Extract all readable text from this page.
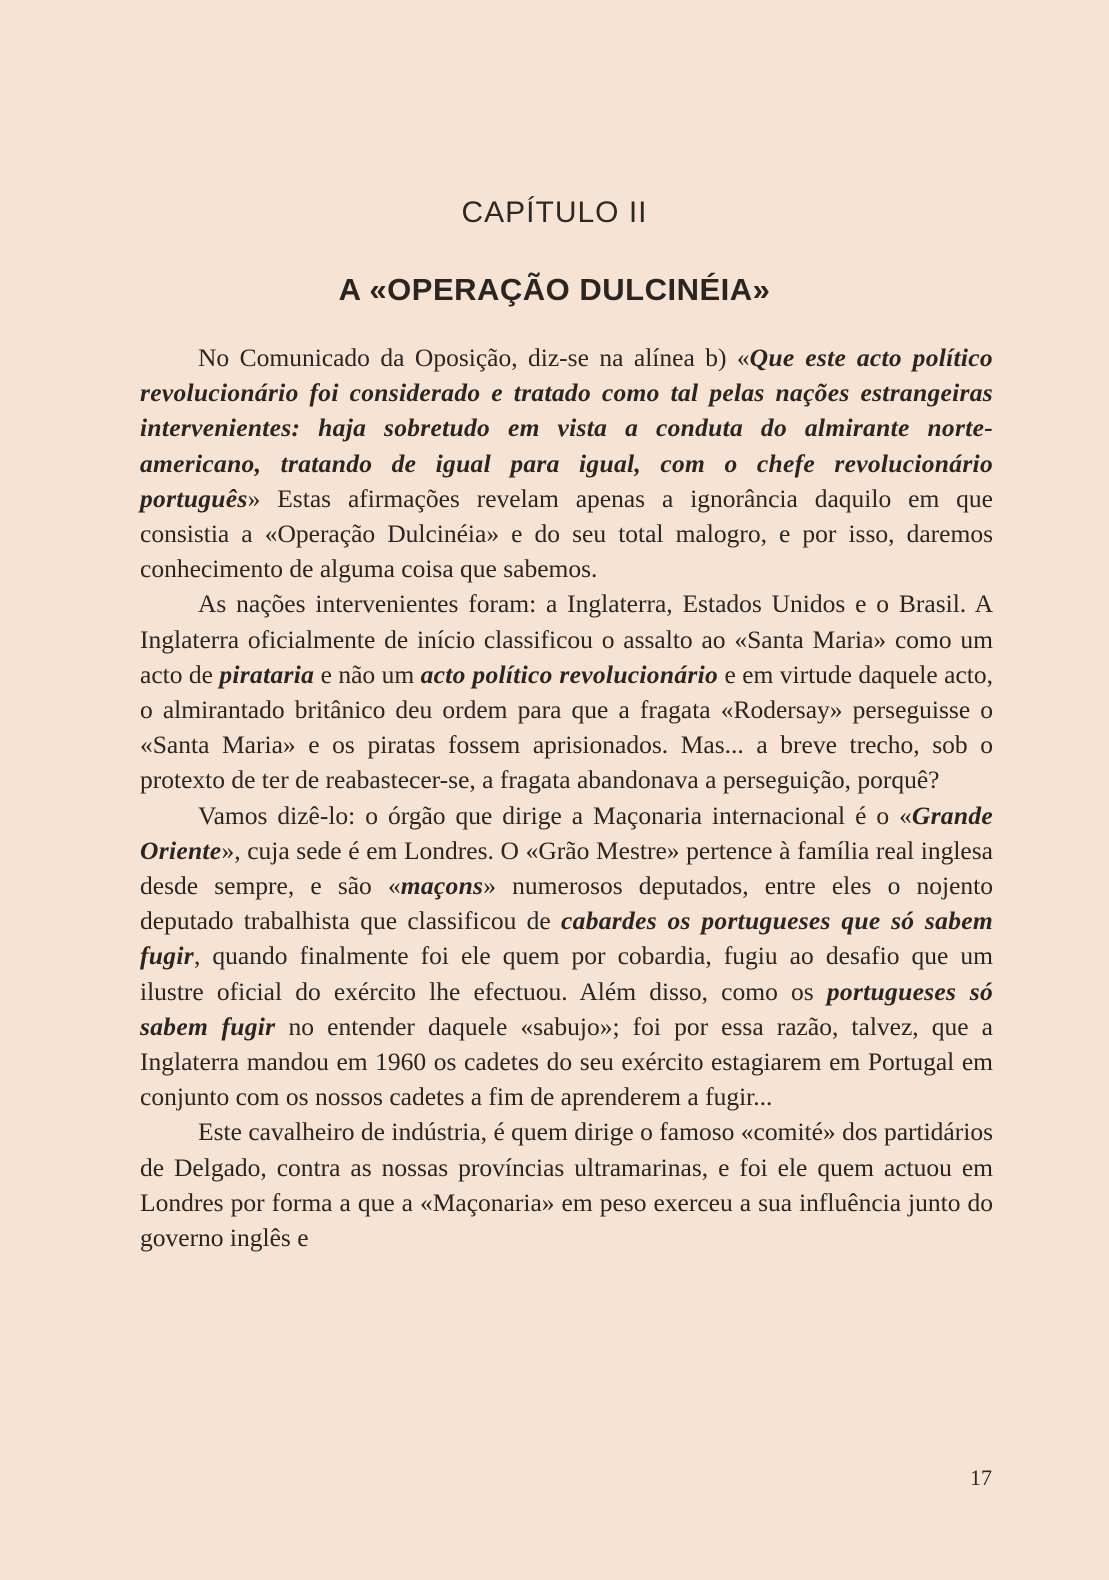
CAPÍTULO II
A «OPERAÇÃO DULCINÉIA»

No Comunicado da Oposição, diz-se na alínea b) «Que este acto político revolucionário foi considerado e tratado como tal pelas nações estrangeiras intervenientes: haja sobretudo em vista a conduta do almirante norte-americano, tratando de igual para igual, com o chefe revolucionário português» Estas afirmações revelam apenas a ignorância daquilo em que consistia a «Operação Dulcinéia» e do seu total malogro, e por isso, daremos conhecimento de alguma coisa que sabemos.

As nações intervenientes foram: a Inglaterra, Estados Unidos e o Brasil. A Inglaterra oficialmente de início classificou o assalto ao «Santa Maria» como um acto de pirataria e não um acto político revolucionário e em virtude daquele acto, o almirantado britânico deu ordem para que a fragata «Rodersay» perseguisse o «Santa Maria» e os piratas fossem aprisionados. Mas... a breve trecho, sob o protexto de ter de reabastecer-se, a fragata abandonava a perseguição, porquê?

Vamos dizê-lo: o órgão que dirige a Maçonaria internacional é o «Grande Oriente», cuja sede é em Londres. O «Grão Mestre» pertence à família real inglesa desde sempre, e são «maçons» numerosos deputados, entre eles o nojento deputado trabalhista que classificou de cabardes os portugueses que só sabem fugir, quando finalmente foi ele quem por cobardia, fugiu ao desafio que um ilustre oficial do exército lhe efectuou. Além disso, como os portugueses só sabem fugir no entender daquele «sabujo»; foi por essa razão, talvez, que a Inglaterra mandou em 1960 os cadetes do seu exército estagiarem em Portugal em conjunto com os nossos cadetes a fim de aprenderem a fugir...

Este cavalheiro de indústria, é quem dirige o famoso «comité» dos partidários de Delgado, contra as nossas províncias ultramarinas, e foi ele quem actuou em Londres por forma a que a «Maçonaria» em peso exerceu a sua influência junto do governo inglês e

17
